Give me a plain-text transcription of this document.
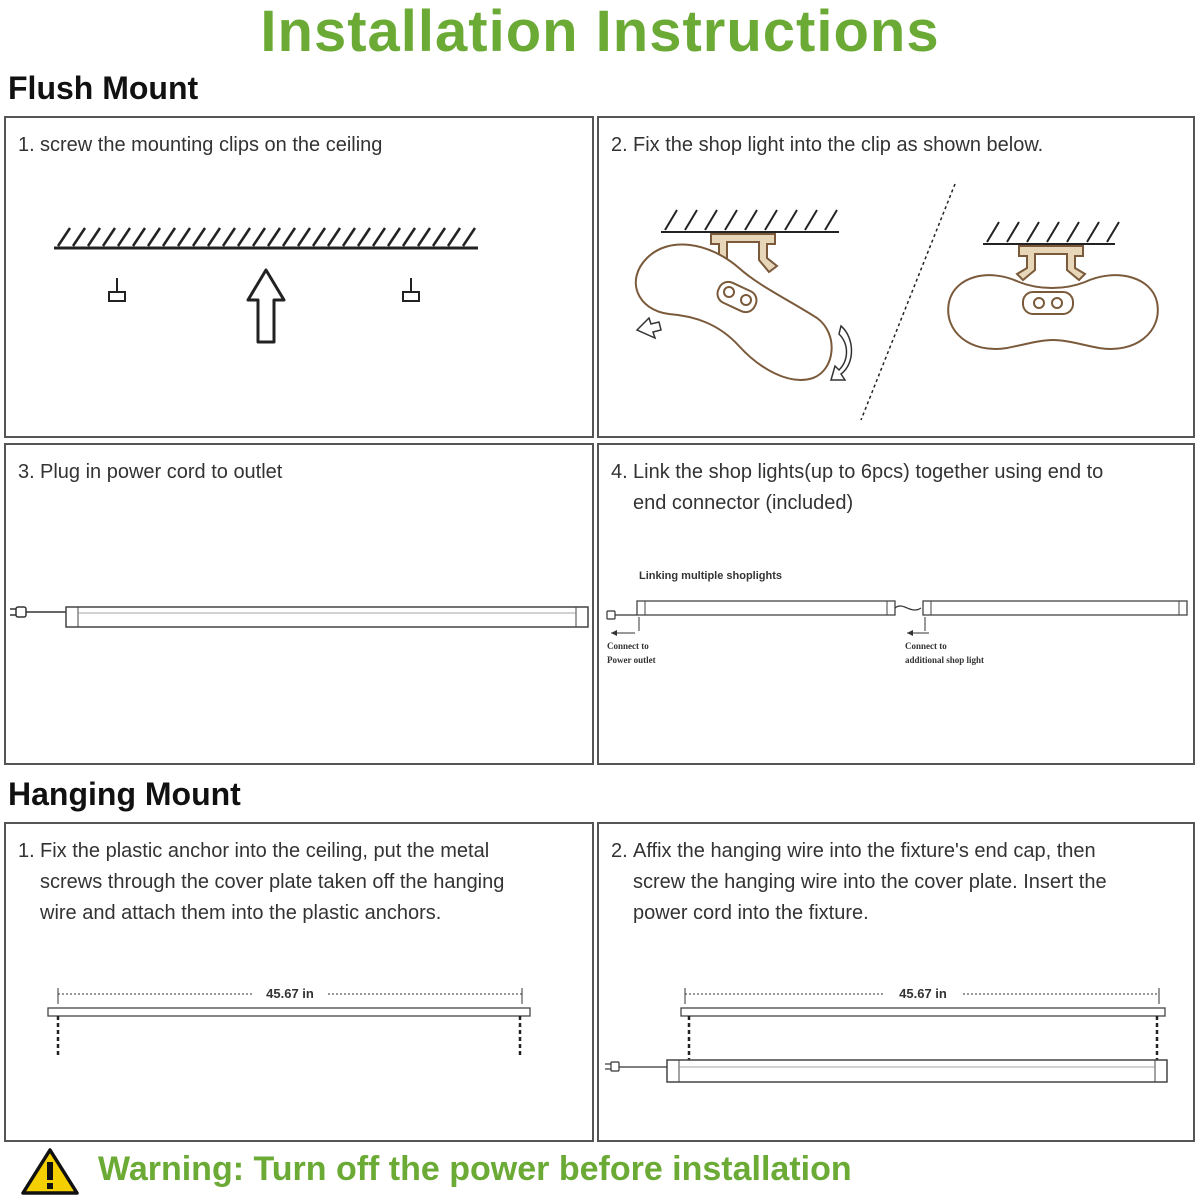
Installation Instructions
Flush Mount
1. screw the mounting clips on the ceiling	2. Fix the shop light into the clip as shown below.
3. Plug in power cord to outlet	4. Link the shop lights(up to 6pcs) together using end to
end connector (included)
Linking multiple shoplights
Connect to
Power outlet
Connect to
additional shop light
Hanging Mount
1. Fix the plastic anchor into the ceiling, put the metal
screws through the cover plate taken off the hanging
wire and attach them into the plastic anchors.
45.67 in
2. Affix the hanging wire into the fixture's end cap, then
screw the hanging wire into the cover plate. Insert the
power cord into the fixture.
45.67 in
Warning: Turn off the power before installation
